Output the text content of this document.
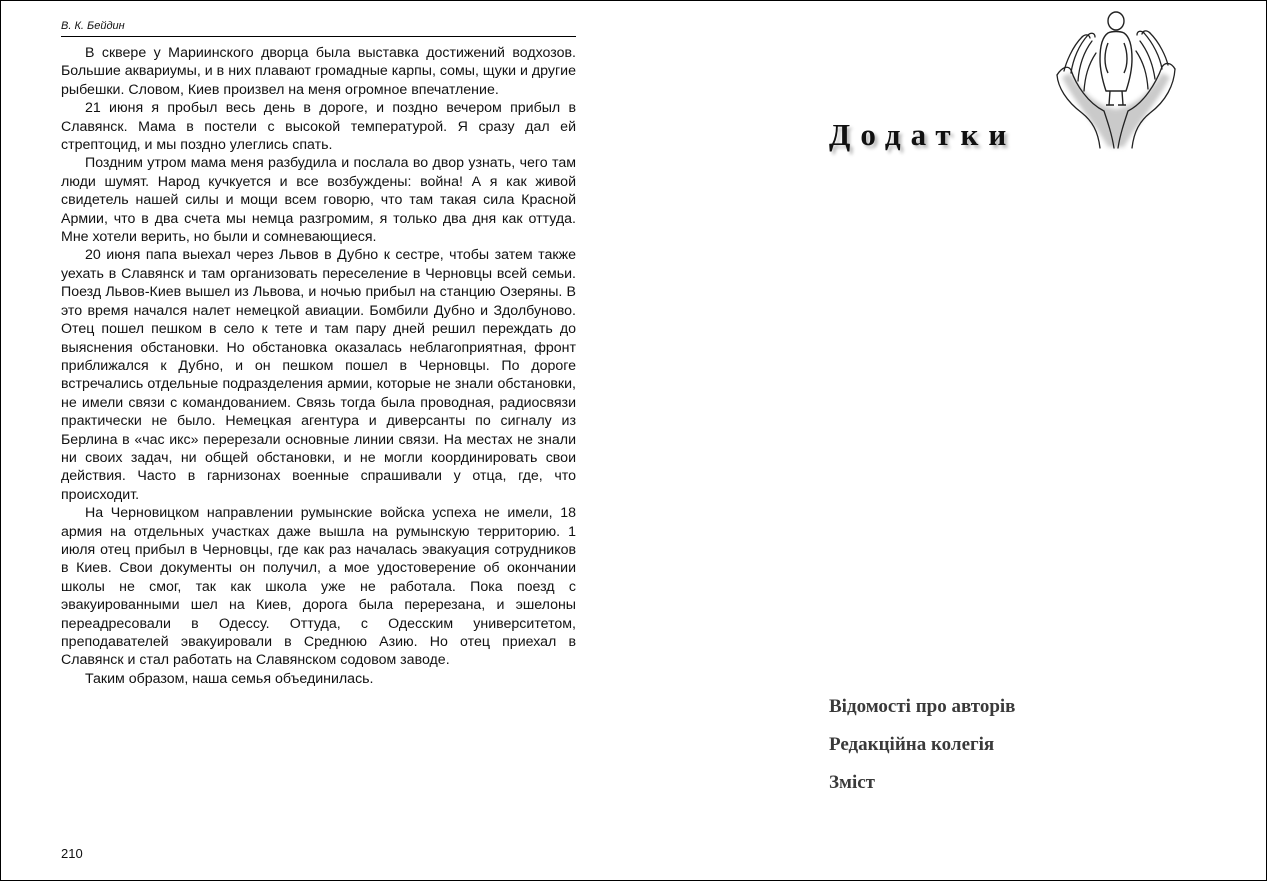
В. К. Бейдин

В сквере у Мариинского дворца была выставка достижений водхозов. Большие аквариумы, и в них плавают громадные карпы, сомы, щуки и другие рыбешки. Словом, Киев произвел на меня огромное впечатление.

21 июня я пробыл весь день в дороге, и поздно вечером прибыл в Славянск. Мама в постели с высокой температурой. Я сразу дал ей стрептоцид, и мы поздно улеглись спать.

Поздним утром мама меня разбудила и послала во двор узнать, чего там люди шумят. Народ кучкуется и все возбуждены: война! А я как живой свидетель нашей силы и мощи всем говорю, что там такая сила Красной Армии, что в два счета мы немца разгромим, я только два дня как оттуда. Мне хотели верить, но были и сомневающиеся.

20 июня папа выехал через Львов в Дубно к сестре, чтобы затем также уехать в Славянск и там организовать переселение в Черновцы всей семьи. Поезд Львов-Киев вышел из Львова, и ночью прибыл на станцию Озеряны. В это время начался налет немецкой авиации. Бомбили Дубно и Здолбуново. Отец пошел пешком в село к тете и там пару дней решил переждать до выяснения обстановки. Но обстановка оказалась неблагоприятная, фронт приближался к Дубно, и он пешком пошел в Черновцы. По дороге встречались отдельные подразделения армии, которые не знали обстановки, не имели связи с командованием. Связь тогда была проводная, радиосвязи практически не было. Немецкая агентура и диверсанты по сигналу из Берлина в «час икс» перерезали основные линии связи. На местах не знали ни своих задач, ни общей обстановки, и не могли координировать свои действия. Часто в гарнизонах военные спрашивали у отца, где, что происходит.

На Черновицком направлении румынские войска успеха не имели, 18 армия на отдельных участках даже вышла на румынскую территорию. 1 июля отец прибыл в Черновцы, где как раз началась эвакуация сотрудников в Киев. Свои документы он получил, а мое удостоверение об окончании школы не смог, так как школа уже не работала. Пока поезд с эвакуированными шел на Киев, дорога была перерезана, и эшелоны переадресовали в Одессу. Оттуда, с Одесским университетом, преподавателей эвакуировали в Среднюю Азию. Но отец приехал в Славянск и стал работать на Славянском содовом заводе.

Таким образом, наша семья объединилась.

210
Додатки
Відомості про авторів
Редакційна колегія
Зміст
